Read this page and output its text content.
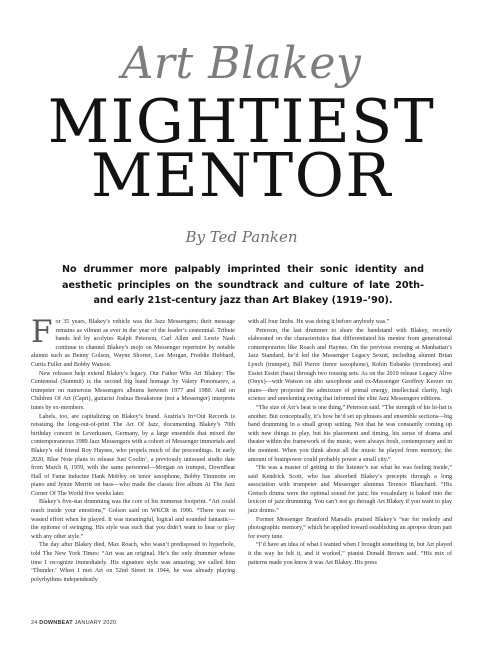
Art Blakey
MIGHTIEST
MENTOR
By Ted Panken
No drummer more palpably imprinted their sonic identity and aesthetic principles on the soundtrack and culture of late 20th- and early 21st-century jazz than Art Blakey (1919–’90).

For 35 years, Blakey’s vehicle was the Jazz Messengers; their message remains as vibrant as ever in the year of the leader’s centennial. Tribute bands led by acolytes Ralph Peterson, Carl Allen and Lewis Nash continue to channel Blakey’s mojo on Messenger repertoire by notable alumni such as Benny Golson, Wayne Shorter, Lee Morgan, Freddie Hubbard, Curtis Fuller and Bobby Watson.

New releases help extend Blakey’s legacy. Our Father Who Art Blakey: The Centennial (Summit) is the second big band homage by Valery Ponomarev, a trumpeter on numerous Messengers albums between 1977 and 1980. And on Children Of Art (Capri), guitarist Joshua Breakstone (not a Messenger) interprets tunes by ex-members.

Labels, too, are capitalizing on Blakey’s brand. Austria’s In+Out Records is reissuing the long-out-of-print The Art Of Jazz, documenting Blakey’s 70th birthday concert in Leverkusen, Germany, by a large ensemble that mixed the contemporaneous 1989 Jazz Messengers with a cohort of Messenger immortals and Blakey’s old friend Roy Haynes, who propels much of the proceedings. In early 2020, Blue Note plans to release Just Coolin’, a previously unissued studio date from March 8, 1959, with the same personnel—Morgan on trumpet, DownBeat Hall of Fame inductee Hank Mobley on tenor saxophone, Bobby Timmons on piano and Jymie Merritt on bass—who made the classic live album At The Jazz Corner Of The World five weeks later.

Blakey’s five-star drumming was the core of his immense footprint. “Art could reach inside your emotions,” Golson said on WKCR in 1996. “There was no wasted effort when he played. It was meaningful, logical and sounded fantastic—the epitome of swinging. His style was such that you didn’t want to hear or play with any other style.”

The day after Blakey died, Max Roach, who wasn’t predisposed to hyperbole, told The New York Times: “Art was an original. He’s the only drummer whose time I recognize immediately. His signature style was amazing; we called him ‘Thunder.’ When I met Art on 52nd Street in 1944, he was already playing polyrhythms independently

with all four limbs. He was doing it before anybody was.”

Peterson, the last drummer to share the bandstand with Blakey, recently elaborated on the characteristics that differentiated his mentor from generational contemporaries like Roach and Haynes. On the previous evening at Manhattan’s Jazz Standard, he’d led the Messenger Legacy Sextet, including alumni Brian Lynch (trumpet), Bill Pierce (tenor saxophone), Robin Eubanks (trombone) and Essiet Essiet (bass) through two rousing sets. As on the 2019 release Legacy Alive (Onyx)—with Watson on alto saxophone and ex-Messenger Geoffrey Keezer on piano—they projected the admixture of primal energy, intellectual clarity, high science and unrelenting swing that informed the elite Jazz Messengers editions.

“The size of Art’s beat is one thing,” Peterson said. “The strength of his hi-hat is another. But conceptually, it’s how he’d set up phrases and ensemble sections—big band drumming in a small group setting. Not that he was constantly coming up with new things to play, but his placement and timing, his sense of drama and theater within the framework of the music, were always fresh, contemporary and in the moment. When you think about all the music he played from memory, the amount of brainpower could probably power a small city.”

“He was a master of getting to the listener’s ear what he was feeling inside,” said Kendrick Scott, who has absorbed Blakey’s precepts through a long association with trumpeter and Messenger alumnus Terence Blanchard. “His Gretsch drums were the optimal sound for jazz; his vocabulary is baked into the lexicon of jazz drumming. You can’t not go through Art Blakey if you want to play jazz drums.”

Former Messenger Branford Marsalis praised Blakey’s “ear for melody and photographic memory,” which he applied toward establishing an apropos drum part for every tune.

“I’d have an idea of what I wanted when I brought something in, but Art played it the way he felt it, and it worked,” pianist Donald Brown said. “His mix of patterns made you know it was Art Blakey. His press

24 DOWNBEAT JANUARY 2020
